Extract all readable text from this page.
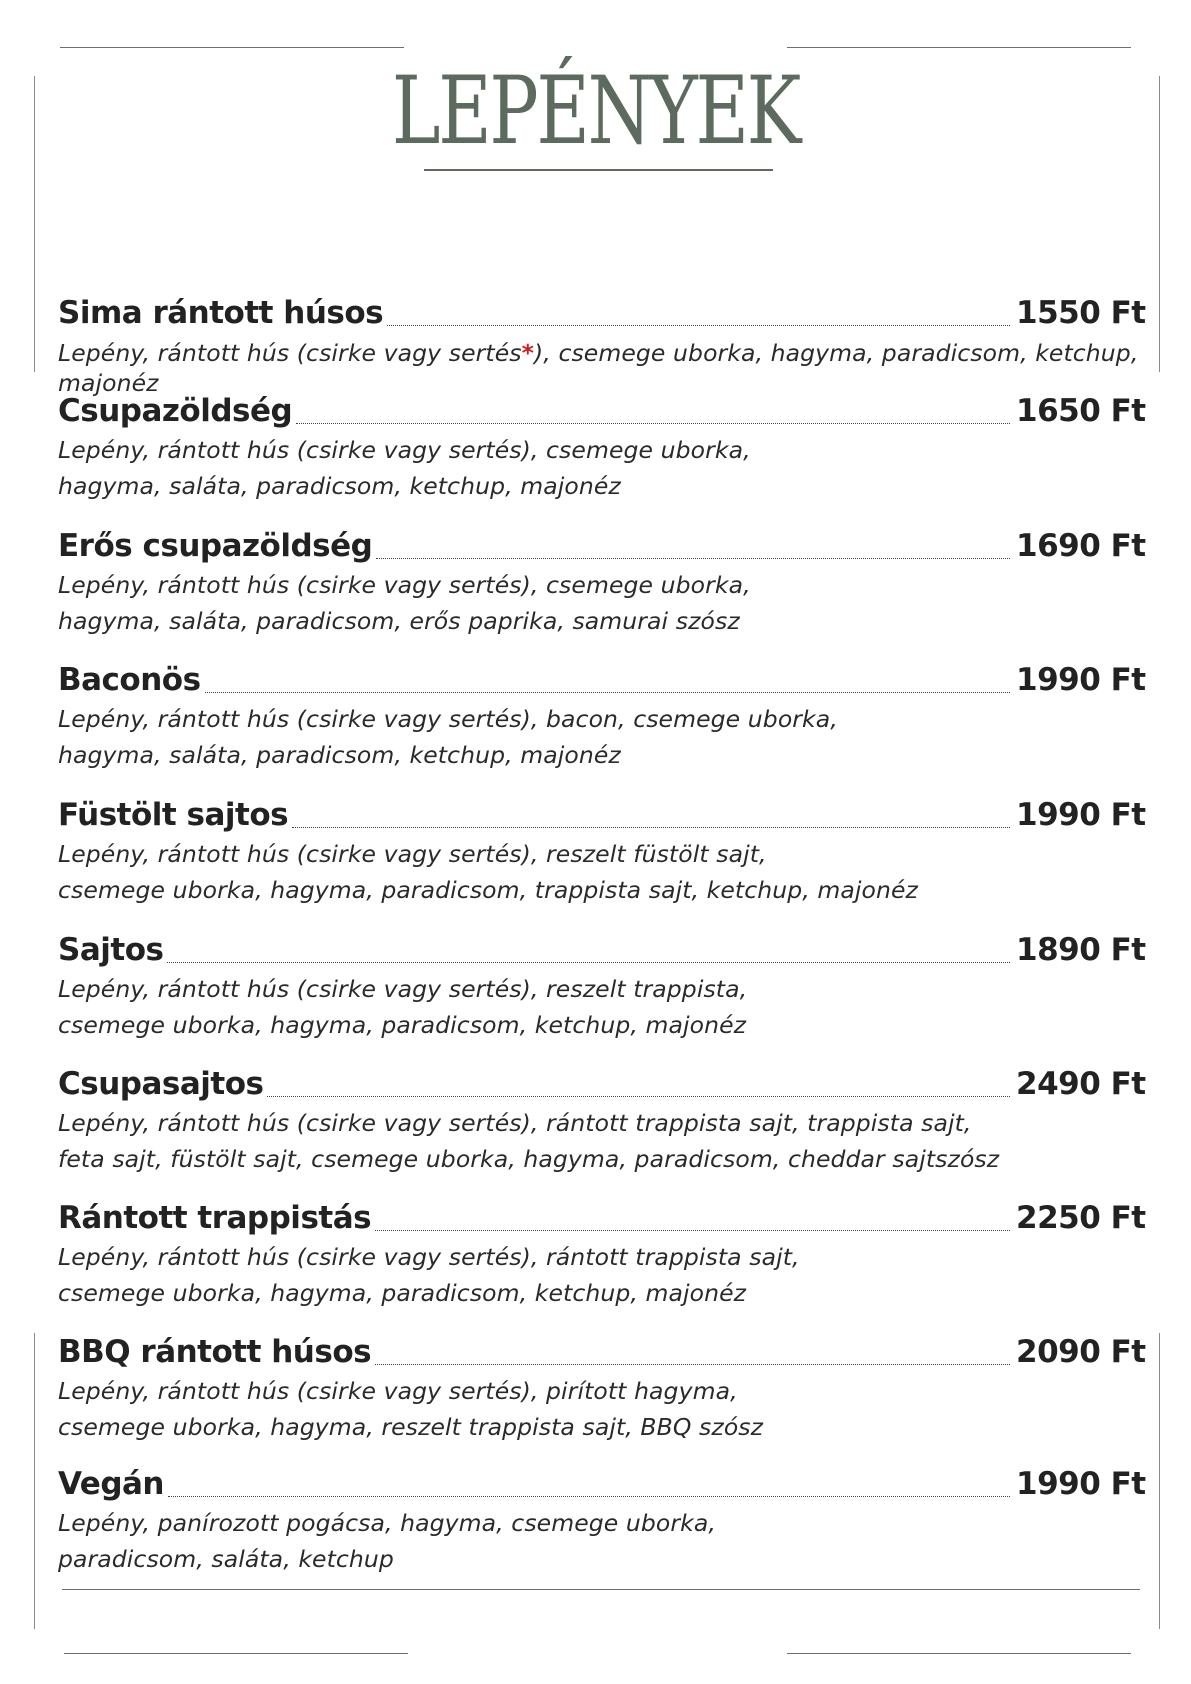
LEPÉNYEK
Sima rántott húsos	1550 Ft
Lepény, rántott hús (csirke vagy sertés*), csemege uborka, hagyma, paradicsom, ketchup,
majonéz
Csupazöldség	1650 Ft
Lepény, rántott hús (csirke vagy sertés), csemege uborka,
hagyma, saláta, paradicsom, ketchup, majonéz
Erős csupazöldség	1690 Ft
Lepény, rántott hús (csirke vagy sertés), csemege uborka,
hagyma, saláta, paradicsom, erős paprika, samurai szósz
Baconös	1990 Ft
Lepény, rántott hús (csirke vagy sertés), bacon, csemege uborka,
hagyma, saláta, paradicsom, ketchup, majonéz
Füstölt sajtos	1990 Ft
Lepény, rántott hús (csirke vagy sertés), reszelt füstölt sajt,
csemege uborka, hagyma, paradicsom, trappista sajt, ketchup, majonéz
Sajtos	1890 Ft
Lepény, rántott hús (csirke vagy sertés), reszelt trappista,
csemege uborka, hagyma, paradicsom, ketchup, majonéz
Csupasajtos	2490 Ft
Lepény, rántott hús (csirke vagy sertés), rántott trappista sajt, trappista sajt,
feta sajt, füstölt sajt, csemege uborka, hagyma, paradicsom, cheddar sajtszósz
Rántott trappistás	2250 Ft
Lepény, rántott hús (csirke vagy sertés), rántott trappista sajt,
csemege uborka, hagyma, paradicsom, ketchup, majonéz
BBQ rántott húsos	2090 Ft
Lepény, rántott hús (csirke vagy sertés), pirított hagyma,
csemege uborka, hagyma, reszelt trappista sajt, BBQ szósz
Vegán	1990 Ft
Lepény, panírozott pogácsa, hagyma, csemege uborka,
paradicsom, saláta, ketchup
